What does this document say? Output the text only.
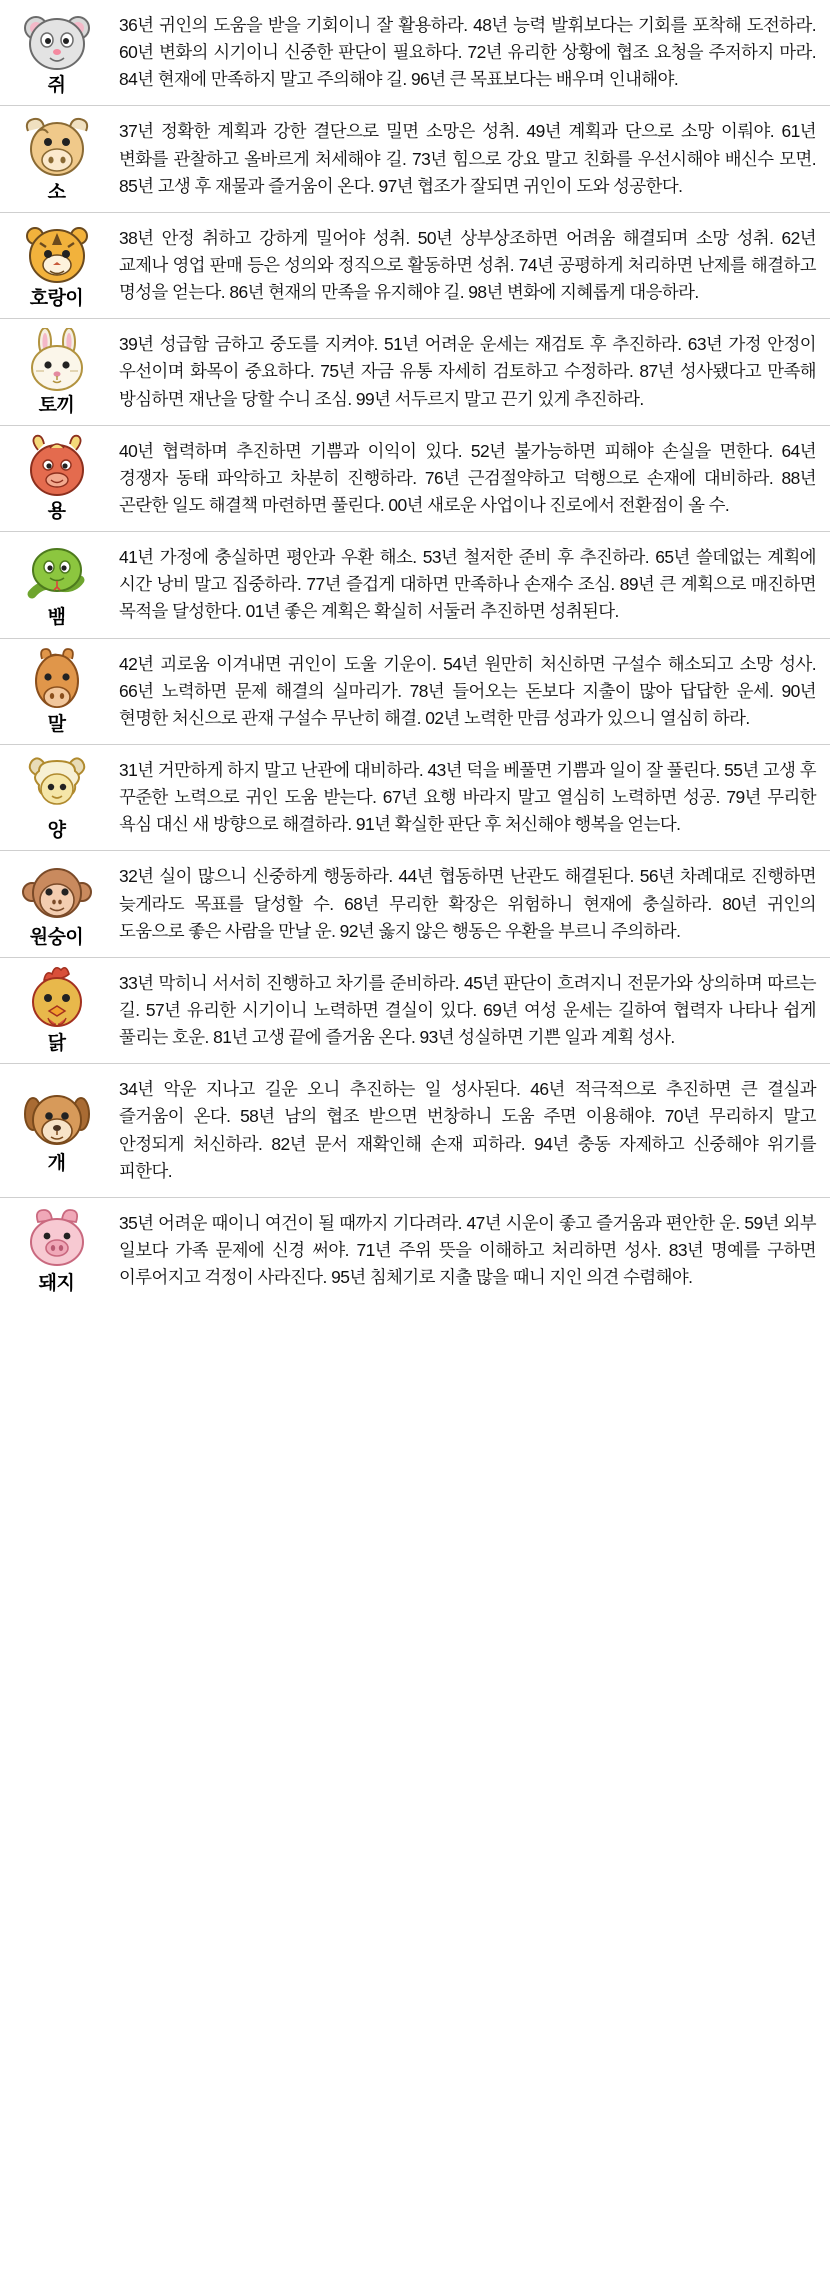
쥐

36년 귀인의 도움을 받을 기회이니 잘 활용하라. 48년 능력 발휘보다는 기회를 포착해 도전하라. 60년 변화의 시기이니 신중한 판단이 필요하다. 72년 유리한 상황에 협조 요청을 주저하지 마라. 84년 현재에 만족하지 말고 주의해야 길. 96년 큰 목표보다는 배우며 인내해야.

소

37년 정확한 계획과 강한 결단으로 밀면 소망은 성취. 49년 계획과 단으로 소망 이뤄야. 61년 변화를 관찰하고 올바르게 처세해야 길. 73년 힘으로 강요 말고 친화를 우선시해야 배신수 모면. 85년 고생 후 재물과 즐거움이 온다. 97년 협조가 잘되면 귀인이 도와 성공한다.

호랑이

38년 안정 취하고 강하게 밀어야 성취. 50년 상부상조하면 어려움 해결되며 소망 성취. 62년 교제나 영업 판매 등은 성의와 정직으로 활동하면 성취. 74년 공평하게 처리하면 난제를 해결하고 명성을 얻는다. 86년 현재의 만족을 유지해야 길. 98년 변화에 지혜롭게 대응하라.

토끼

39년 성급함 금하고 중도를 지켜야. 51년 어려운 운세는 재검토 후 추진하라. 63년 가정 안정이 우선이며 화목이 중요하다. 75년 자금 유통 자세히 검토하고 수정하라. 87년 성사됐다고 만족해 방심하면 재난을 당할 수니 조심. 99년 서두르지 말고 끈기 있게 추진하라.

용

40년 협력하며 추진하면 기쁨과 이익이 있다. 52년 불가능하면 피해야 손실을 면한다. 64년 경쟁자 동태 파악하고 차분히 진행하라. 76년 근검절약하고 덕행으로 손재에 대비하라. 88년 곤란한 일도 해결책 마련하면 풀린다. 00년 새로운 사업이나 진로에서 전환점이 올 수.

뱀

41년 가정에 충실하면 평안과 우환 해소. 53년 철저한 준비 후 추진하라. 65년 쓸데없는 계획에 시간 낭비 말고 집중하라. 77년 즐겁게 대하면 만족하나 손재수 조심. 89년 큰 계획으로 매진하면 목적을 달성한다. 01년 좋은 계획은 확실히 서둘러 추진하면 성취된다.

말

42년 괴로움 이겨내면 귀인이 도울 기운이. 54년 원만히 처신하면 구설수 해소되고 소망 성사. 66년 노력하면 문제 해결의 실마리가. 78년 들어오는 돈보다 지출이 많아 답답한 운세. 90년 현명한 처신으로 관재 구설수 무난히 해결. 02년 노력한 만큼 성과가 있으니 열심히 하라.

양

31년 거만하게 하지 말고 난관에 대비하라. 43년 덕을 베풀면 기쁨과 일이 잘 풀린다. 55년 고생 후 꾸준한 노력으로 귀인 도움 받는다. 67년 요행 바라지 말고 열심히 노력하면 성공. 79년 무리한 욕심 대신 새 방향으로 해결하라. 91년 확실한 판단 후 처신해야 행복을 얻는다.

원숭이

32년 실이 많으니 신중하게 행동하라. 44년 협동하면 난관도 해결된다. 56년 차례대로 진행하면 늦게라도 목표를 달성할 수. 68년 무리한 확장은 위험하니 현재에 충실하라. 80년 귀인의 도움으로 좋은 사람을 만날 운. 92년 옳지 않은 행동은 우환을 부르니 주의하라.

닭

33년 막히니 서서히 진행하고 차기를 준비하라. 45년 판단이 흐려지니 전문가와 상의하며 따르는 길. 57년 유리한 시기이니 노력하면 결실이 있다. 69년 여성 운세는 길하여 협력자 나타나 쉽게 풀리는 호운. 81년 고생 끝에 즐거움 온다. 93년 성실하면 기쁜 일과 계획 성사.

개

34년 악운 지나고 길운 오니 추진하는 일 성사된다. 46년 적극적으로 추진하면 큰 결실과 즐거움이 온다. 58년 남의 협조 받으면 번창하니 도움 주면 이용해야. 70년 무리하지 말고 안정되게 처신하라. 82년 문서 재확인해 손재 피하라. 94년 충동 자제하고 신중해야 위기를 피한다.

돼지

35년 어려운 때이니 여건이 될 때까지 기다려라. 47년 시운이 좋고 즐거움과 편안한 운. 59년 외부 일보다 가족 문제에 신경 써야. 71년 주위 뜻을 이해하고 처리하면 성사. 83년 명예를 구하면 이루어지고 걱정이 사라진다. 95년 침체기로 지출 많을 때니 지인 의견 수렴해야.
